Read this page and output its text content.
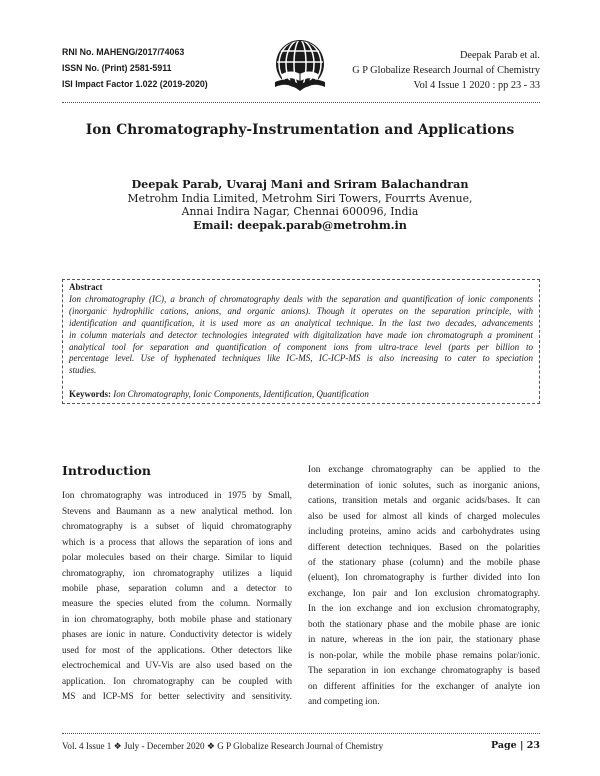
RNI No. MAHENG/2017/74063
ISSN No. (Print) 2581-5911
ISI Impact Factor 1.022 (2019-2020)
Deepak Parab et al.
G P Globalize Research Journal of Chemistry
Vol 4 Issue 1 2020 : pp 23 - 33
Ion Chromatography-Instrumentation and Applications
Deepak Parab, Uvaraj Mani and Sriram Balachandran
Metrohm India Limited, Metrohm Siri Towers, Fourrts Avenue,
Annai Indira Nagar, Chennai 600096, India
Email: deepak.parab@metrohm.in
Abstract
Ion chromatography (IC), a branch of chromatography deals with the separation and quantification of ionic components
(inorganic hydrophilic cations, anions, and organic anions). Though it operates on the separation principle, with
identification and quantification, it is used more as an analytical technique. In the last two decades, advancements
in column materials and detector technologies integrated with digitalization have made ion chromatograph a prominent
analytical tool for separation and quantification of component ions from ultra-trace level (parts per billion to
percentage level. Use of hyphenated techniques like IC-MS, IC-ICP-MS is also increasing to cater to speciation
studies.
Keywords: Ion Chromatography, Ionic Components, Identification, Quantification
Introduction
Ion chromatography was introduced in 1975 by Small,
Stevens and Baumann as a new analytical method. Ion
chromatography is a subset of liquid chromatography
which is a process that allows the separation of ions and
polar molecules based on their charge. Similar to liquid
chromatography, ion chromatography utilizes a liquid
mobile phase, separation column and a detector to
measure the species eluted from the column. Normally
in ion chromatography, both mobile phase and stationary
phases are ionic in nature. Conductivity detector is widely
used for most of the applications. Other detectors like
electrochemical and UV-Vis are also used based on the
application. Ion chromatography can be coupled with
MS and ICP-MS for better selectivity and sensitivity.
Ion exchange chromatography can be applied to the
determination of ionic solutes, such as inorganic anions,
cations, transition metals and organic acids/bases. It can
also be used for almost all kinds of charged molecules
including proteins, amino acids and carbohydrates using
different detection techniques. Based on the polarities
of the stationary phase (column) and the mobile phase
(eluent), Ion chromatography is further divided into Ion
exchange, Ion pair and Ion exclusion chromatography.
In the ion exchange and ion exclusion chromatography,
both the stationary phase and the mobile phase are ionic
in nature, whereas in the ion pair, the stationary phase
is non-polar, while the mobile phase remains polar/ionic.
The separation in ion exchange chromatography is based
on different affinities for the exchanger of analyte ion
and competing ion.
Vol. 4 Issue 1 ❖ July - December 2020 ❖ G P Globalize Research Journal of Chemistry	Page | 23
